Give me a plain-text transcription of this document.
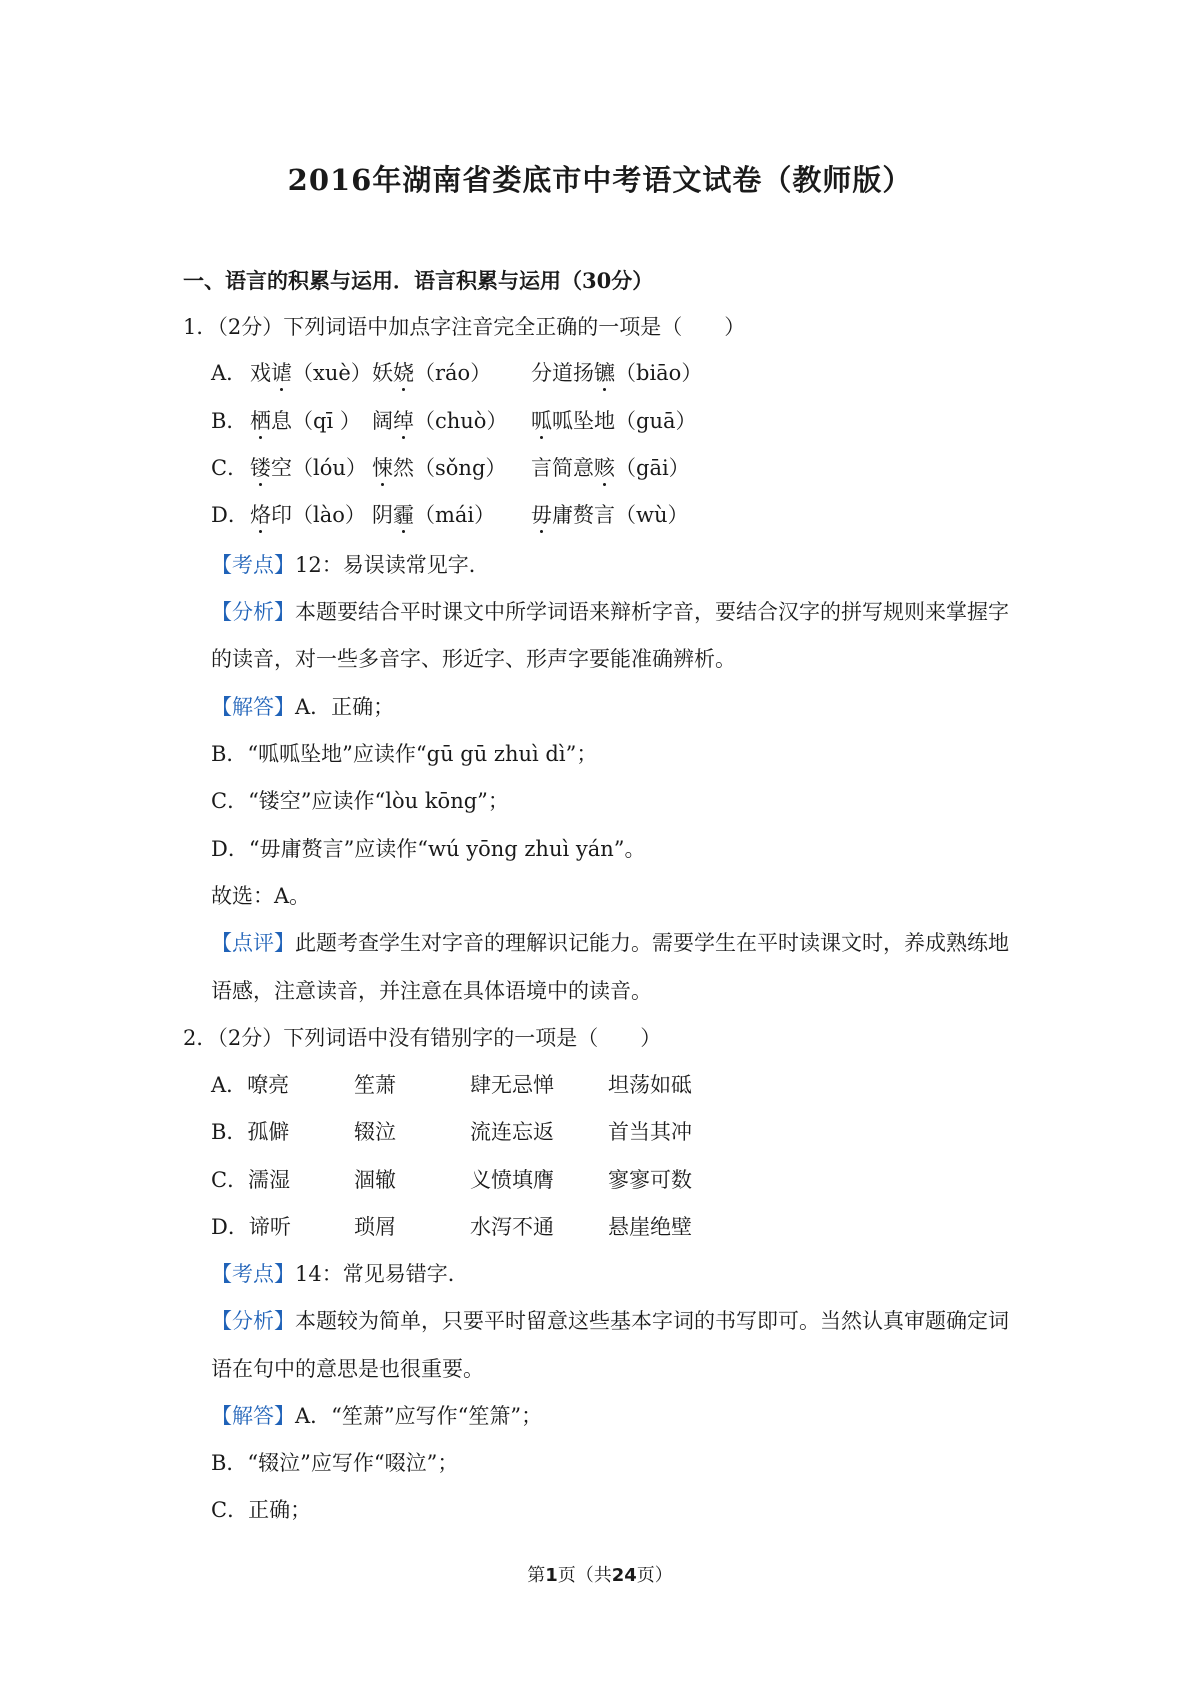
2016年湖南省娄底市中考语文试卷（教师版）
一、语言的积累与运用．语言积累与运用（30分）
1．（2分）下列词语中加点字注音完全正确的一项是（　　）
A． 戏谑（xuè） 妖娆（ráo） 分道扬镳（biāo）
B． 栖息（qī ） 阔绰（chuò） 呱呱坠地（guā）
C． 镂空（lóu） 悚然（sǒng） 言简意赅（gāi）
D． 烙印（lào） 阴霾（mái） 毋庸赘言（wù）
【考点】12：易误读常见字．
【分析】本题要结合平时课文中所学词语来辩析字音，要结合汉字的拼写规则来掌握字
的读音，对一些多音字、形近字、形声字要能准确辨析。
【解答】A．正确；
B．“呱呱坠地”应读作“gū gū zhuì dì”；
C．“镂空”应读作“lòu kōng”；
D．“毋庸赘言”应读作“wú yōng zhuì yán”。
故选：A。
【点评】此题考查学生对字音的理解识记能力。需要学生在平时读课文时，养成熟练地
语感，注意读音，并注意在具体语境中的读音。
2．（2分）下列词语中没有错别字的一项是（　　）
A．嘹亮	笙萧	肆无忌惮	坦荡如砥
B．孤僻	辍泣	流连忘返	首当其冲
C．濡湿	涸辙	义愤填膺	寥寥可数
D．谛听	琐屑	水泻不通	悬崖绝壁
【考点】14：常见易错字．
【分析】本题较为简单，只要平时留意这些基本字词的书写即可。当然认真审题确定词
语在句中的意思是也很重要。
【解答】A．“笙萧”应写作“笙箫”；
B．“辍泣”应写作“啜泣”；
C．正确；
第1页（共24页）
